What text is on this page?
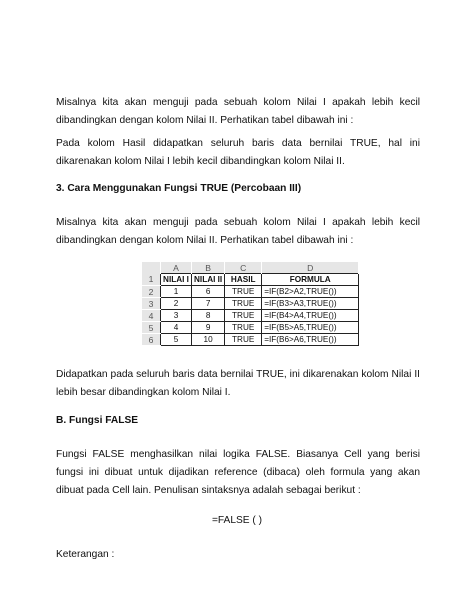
Misalnya kita akan menguji pada sebuah kolom Nilai I apakah lebih kecil dibandingkan dengan kolom Nilai II. Perhatikan tabel dibawah ini :

Pada kolom Hasil didapatkan seluruh baris data bernilai TRUE, hal ini dikarenakan kolom Nilai I lebih kecil dibandingkan kolom Nilai II.

3. Cara Menggunakan Fungsi TRUE (Percobaan III)

Misalnya kita akan menguji pada sebuah kolom Nilai I apakah lebih kecil dibandingkan dengan kolom Nilai II. Perhatikan tabel dibawah ini :

	A	B	C	D
1	NILAI I	NILAI II	HASIL	FORMULA
2	1	6	TRUE	=IF(B2>A2,TRUE())
3	2	7	TRUE	=IF(B3>A3,TRUE())
4	3	8	TRUE	=IF(B4>A4,TRUE())
5	4	9	TRUE	=IF(B5>A5,TRUE())
6	5	10	TRUE	=IF(B6>A6,TRUE())

Didapatkan pada seluruh baris data bernilai TRUE, ini dikarenakan kolom Nilai II lebih besar dibandingkan kolom Nilai I.

B. Fungsi FALSE

Fungsi FALSE menghasilkan nilai logika FALSE. Biasanya Cell yang berisi fungsi ini dibuat untuk dijadikan reference (dibaca) oleh formula yang akan dibuat pada Cell lain. Penulisan sintaksnya adalah sebagai berikut :

=FALSE ( )

Keterangan :
